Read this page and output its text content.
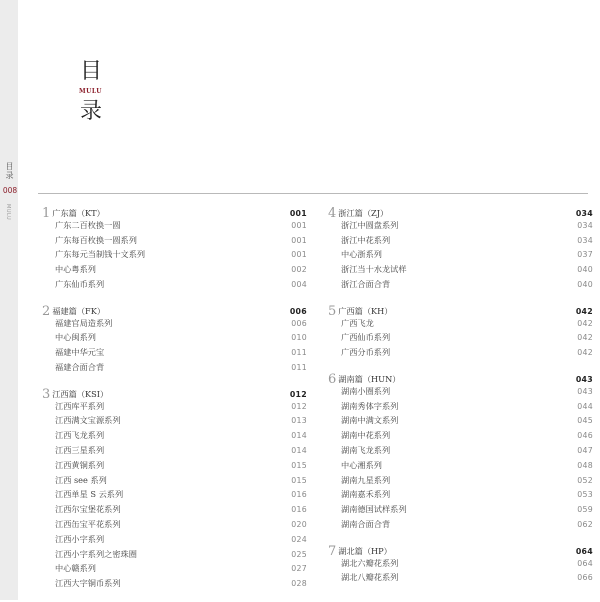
目录
008
MULU
目
MULU
录
1 广东篇（KT）	001
广东二百枚换一圆	001
广东每百枚换一圆系列	001
广东每元当制钱十文系列	001
中心粤系列	002
广东仙币系列	004
2 福建篇（FK）	006
福建官局造系列	006
中心闽系列	010
福建中华元宝	011
福建合面合背	011
3 江西篇（KSI）	012
江西库平系列	012
江西满文宝源系列	013
江西飞龙系列	014
江西三星系列	014
江西黄铜系列	015
江西 see 系列	015
江西单星 S 云系列	016
江西尔宝堡花系列	016
江西缶宝平花系列	020
江西小字系列	024
江西小字系列之密珠圈	025
中心赣系列	027
江西大字铜币系列	028
4 浙江篇（ZJ）	034
浙江中圆盘系列	034
浙江中花系列	034
中心浙系列	037
浙江当十水龙试样	040
浙江合面合背	040
5 广西篇（KH）	042
广西飞龙	042
广西仙币系列	042
广西分币系列	042
6 湖南篇（HUN）	043
湖南小圈系列	043
湖南秀体字系列	044
湖南中满文系列	045
湖南中花系列	046
湖南飞龙系列	047
中心湘系列	048
湖南九星系列	052
湖南嘉禾系列	053
湖南德国试样系列	059
湖南合面合背	062
7 湖北篇（HP）	064
湖北六瓣花系列	064
湖北八瓣花系列	066
